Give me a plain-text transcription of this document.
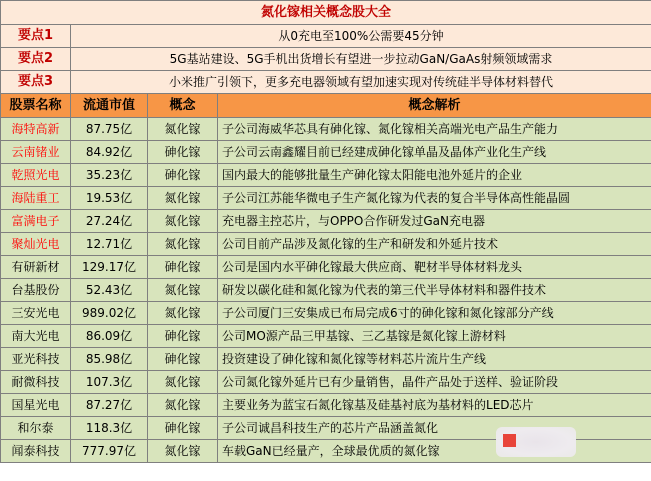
氮化镓相关概念股大全			
要点1	从0充电至100%公需要45分钟		
要点2	5G基站建设、5G手机出货增长有望进一步拉动GaN/GaAs射频领域需求		
要点3	小米推广引领下，更多充电器领域有望加速实现对传统硅半导体材料替代		
股票名称	流通市值	概念	概念解析
海特高新	87.75亿	氮化镓	子公司海威华芯具有砷化镓、氮化镓相关高端光电产品生产能力
云南锗业	84.92亿	砷化镓	子公司云南鑫耀目前已经建成砷化镓单晶及晶体产业化生产线
乾照光电	35.23亿	砷化镓	国内最大的能够批量生产砷化镓太阳能电池外延片的企业
海陆重工	19.53亿	氮化镓	子公司江苏能华微电子生产氮化镓为代表的复合半导体高性能晶圆
富满电子	27.24亿	氮化镓	充电器主控芯片，与OPPO合作研发过GaN充电器
聚灿光电	12.71亿	氮化镓	公司目前产品涉及氮化镓的生产和研发和外延片技术
有研新材	129.17亿	砷化镓	公司是国内水平砷化镓最大供应商、靶材半导体材料龙头
台基股份	52.43亿	氮化镓	研发以碳化硅和氮化镓为代表的第三代半导体材料和器件技术
三安光电	989.02亿	氮化镓	子公司厦门三安集成已布局完成6寸的砷化镓和氮化镓部分产线
南大光电	86.09亿	砷化镓	公司MO源产品三甲基镓、三乙基镓是氮化镓上游材料
亚光科技	85.98亿	砷化镓	投资建设了砷化镓和氮化镓等材料芯片流片生产线
耐微科技	107.3亿	氮化镓	公司氮化镓外延片已有少量销售，晶件产品处于送样、验证阶段
国星光电	87.27亿	氮化镓	主要业务为蓝宝石氮化镓基及硅基衬底为基材料的LED芯片
和尔泰	118.3亿	砷化镓	子公司诚昌科技生产的芯片产品涵盖氮化
闻泰科技	777.97亿	氮化镓	车载GaN已经量产，全球最优质的氮化镓
